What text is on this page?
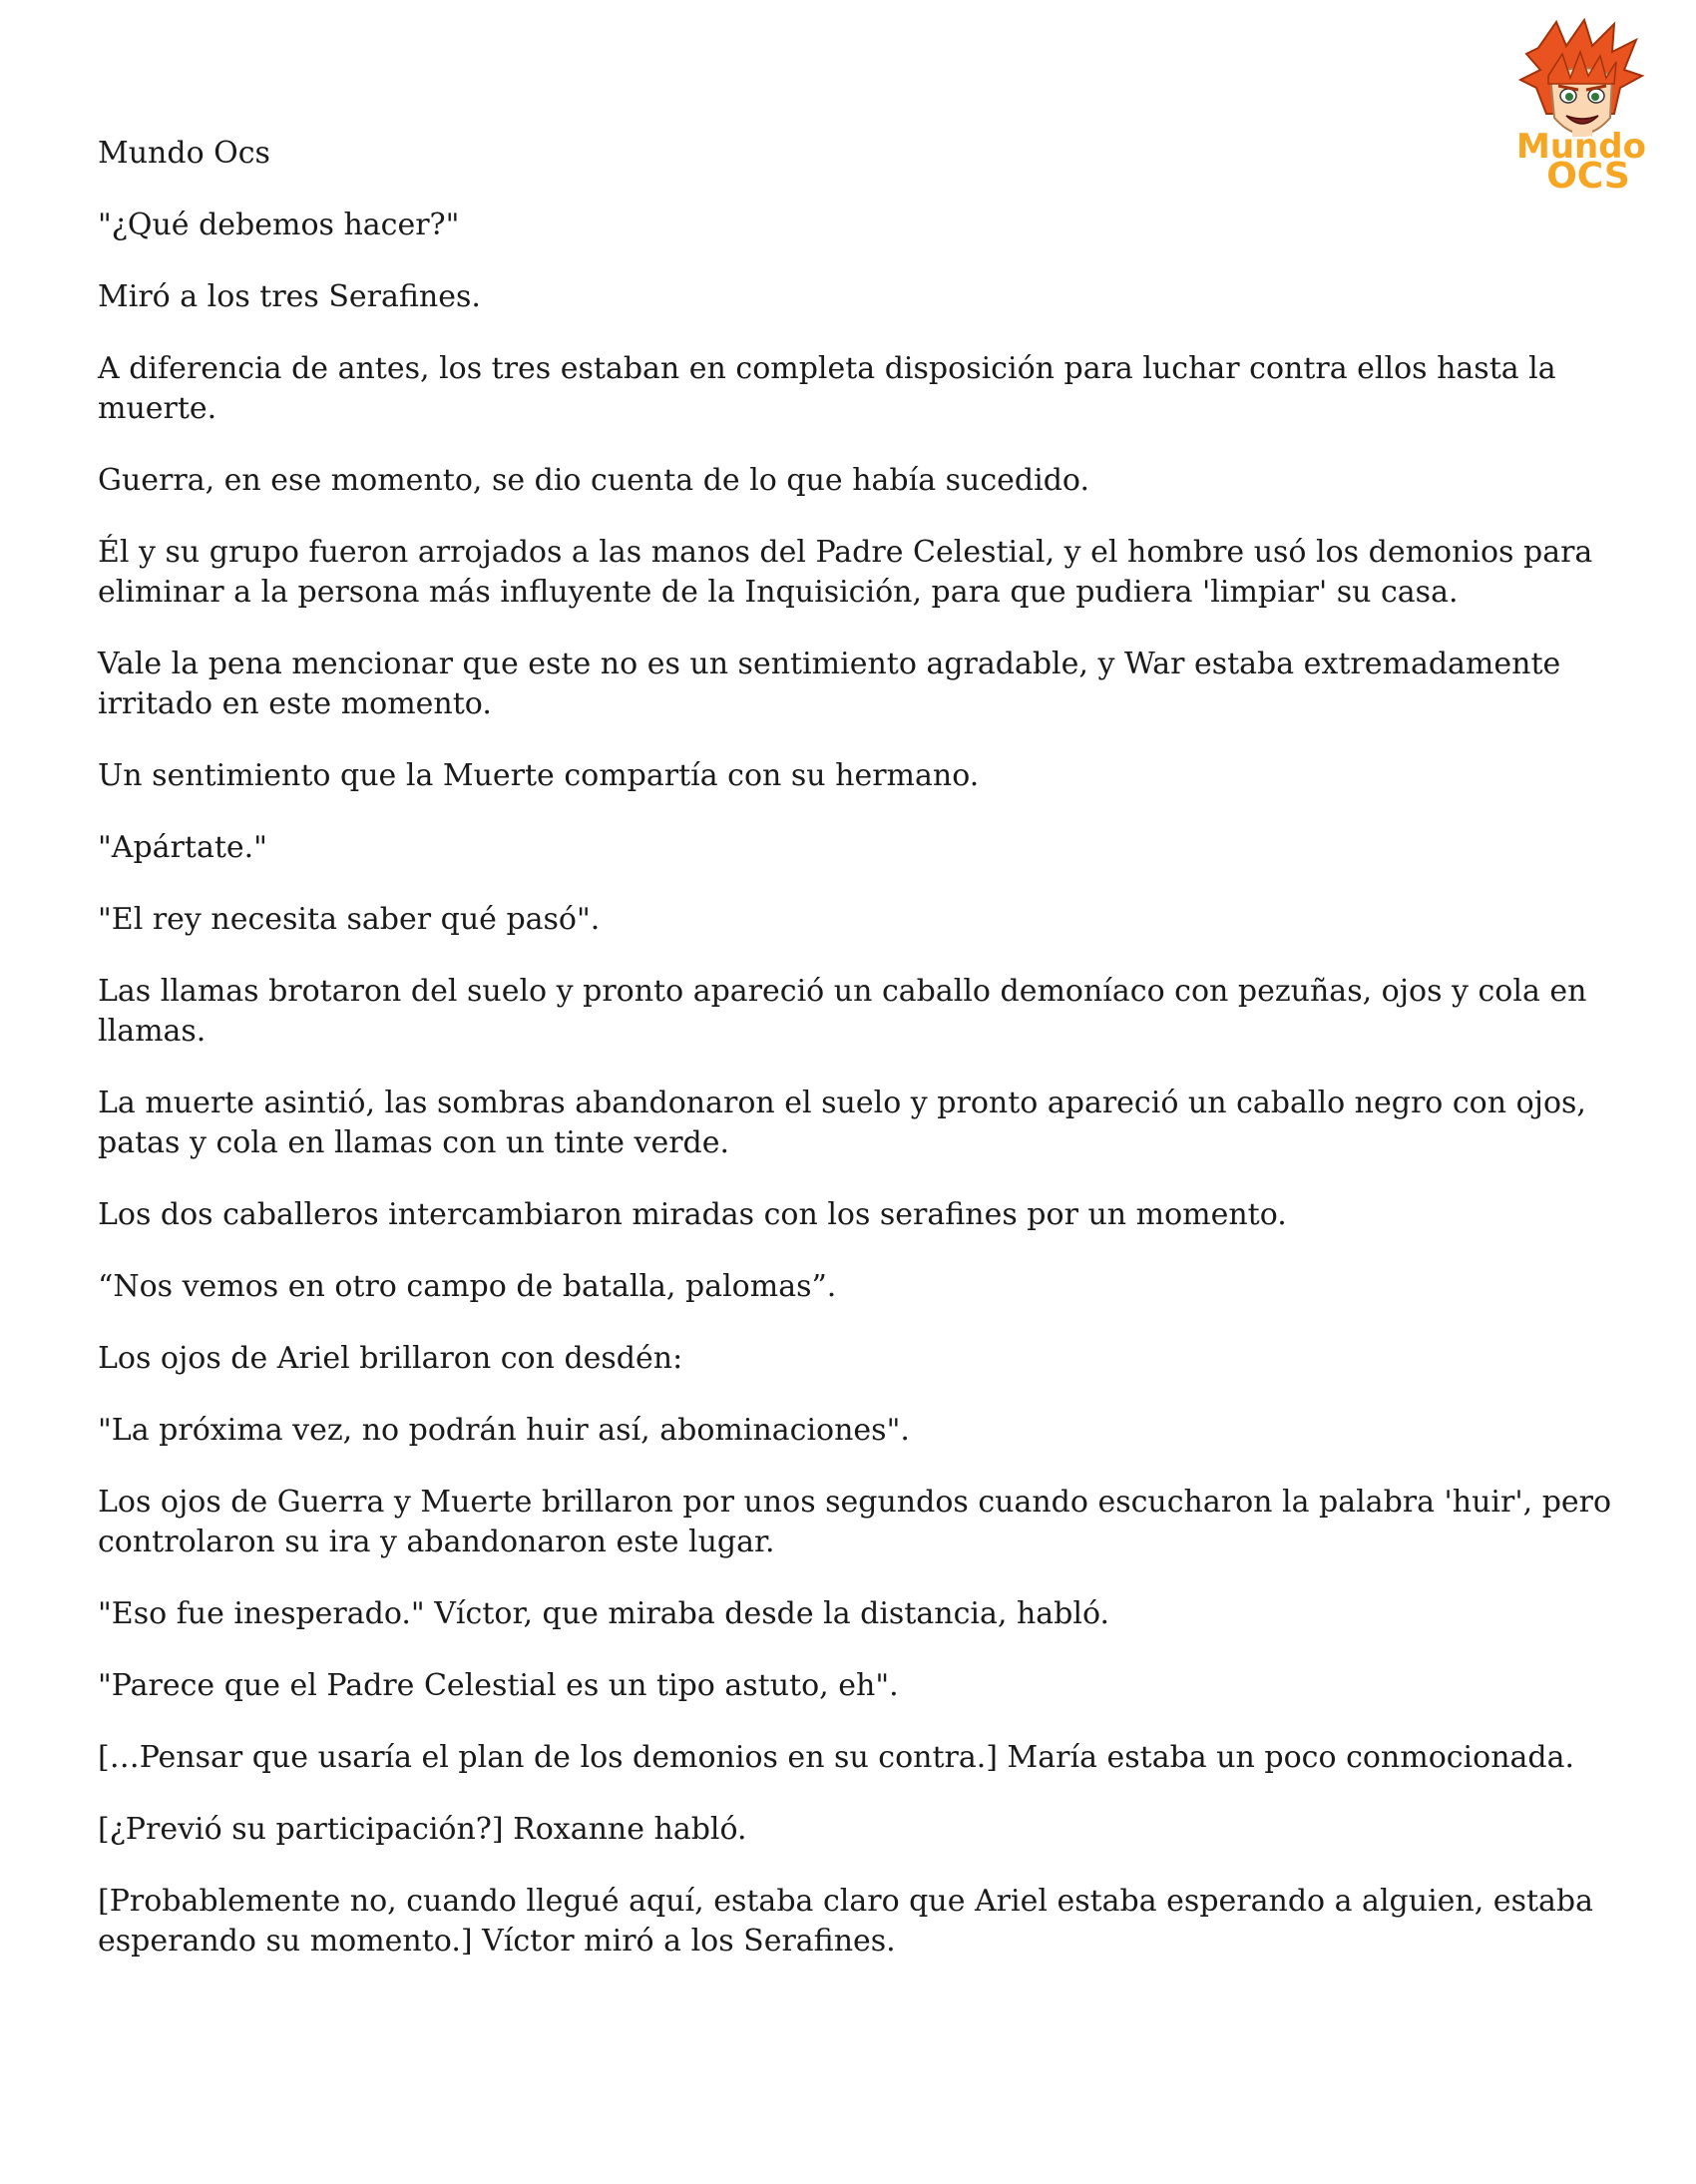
Mundo
OCS

Mundo Ocs

"¿Qué debemos hacer?"

Miró a los tres Serafines.

A diferencia de antes, los tres estaban en completa disposición para luchar contra ellos hasta la muerte.

Guerra, en ese momento, se dio cuenta de lo que había sucedido.

Él y su grupo fueron arrojados a las manos del Padre Celestial, y el hombre usó los demonios para eliminar a la persona más influyente de la Inquisición, para que pudiera 'limpiar' su casa.

Vale la pena mencionar que este no es un sentimiento agradable, y War estaba extremadamente irritado en este momento.

Un sentimiento que la Muerte compartía con su hermano.

"Apártate."

"El rey necesita saber qué pasó".

Las llamas brotaron del suelo y pronto apareció un caballo demoníaco con pezuñas, ojos y cola en llamas.

La muerte asintió, las sombras abandonaron el suelo y pronto apareció un caballo negro con ojos, patas y cola en llamas con un tinte verde.

Los dos caballeros intercambiaron miradas con los serafines por un momento.

“Nos vemos en otro campo de batalla, palomas”.

Los ojos de Ariel brillaron con desdén:

"La próxima vez, no podrán huir así, abominaciones".

Los ojos de Guerra y Muerte brillaron por unos segundos cuando escucharon la palabra 'huir', pero controlaron su ira y abandonaron este lugar.

"Eso fue inesperado." Víctor, que miraba desde la distancia, habló.

"Parece que el Padre Celestial es un tipo astuto, eh".

[…Pensar que usaría el plan de los demonios en su contra.] María estaba un poco conmocionada.

[¿Previó su participación?] Roxanne habló.

[Probablemente no, cuando llegué aquí, estaba claro que Ariel estaba esperando a alguien, estaba esperando su momento.] Víctor miró a los Serafines.
